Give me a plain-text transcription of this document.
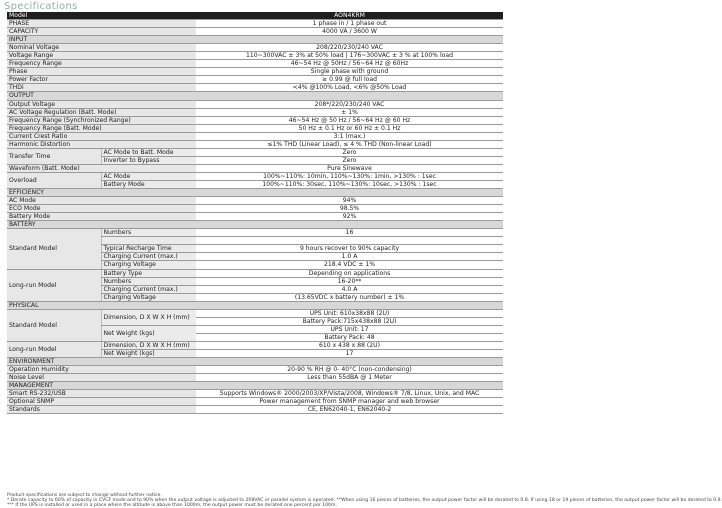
Specifications
Model		AON4KRM
PHASE		1 phase in / 1 phase out
CAPACITY		4000 VA / 3600 W
INPUT		
Nominal Voltage		208/220/230/240 VAC
Voltage Range		110~300VAC ± 3% at 50% load | 176~300VAC ± 3 % at 100% load
Frequency Range		46~54 Hz @ 50Hz / 56~64 Hz @ 60Hz
Phase		Single phase with ground
Power Factor		≥ 0.99 @ full load
THDi		<4% @100% Load, <6% @50% Load
OUTPUT		
Output Voltage		208*/220/230/240 VAC
AC Voltage Regulation (Batt. Mode)		± 1%
Frequency Range (Synchronized Range)		46~54 Hz @ 50 Hz / 56~64 Hz @ 60 Hz
Frequency Range (Batt. Mode)		50 Hz ± 0.1 Hz or 60 Hz ± 0.1 Hz
Current Crest Ratio		3:1 (max.)
Harmonic Distortion		≤1% THD (Linear Load), ≤ 4 % THD (Non-linear Load)
Transfer Time	AC Mode to Batt. Mode	Zero
	Inverter to Bypass	Zero
Waveform (Batt. Mode)		Pure Sinewave
Overload	AC Mode	100%~110%: 10min, 110%~130%: 1min, >130% : 1sec
	Battery Mode	100%~110%: 30sec, 110%~130%: 10sec, >130% : 1sec
EFFICIENCY		
AC Mode		94%
ECO Mode		98.5%
Battery Mode		92%
BATTERY		
Standard Model	Numbers	16

	Typical Recharge Time	9 hours recover to 90% capacity
	Charging Current (max.)	1.0 A
	Charging Voltage	218.4 VDC ± 1%
Long-run Model	Battery Type	Depending on applications
	Numbers	16-20**
	Charging Current (max.)	4.0 A
	Charging Voltage	(13.65VDC x battery number) ± 1%
PHYSICAL		
Standard Model	Dimension, D X W X H (mm)	UPS Unit: 610x38x88 (2U)
		Battery Pack:715x438x88 (2U)
	Net Weight (kgs)	UPS Unit: 17
		Battery Pack: 48
Long-run Model	Dimension, D X W X H (mm)	610 x 438 x 88 (2U)
	Net Weight (kgs)	17
ENVIRONMENT		
Operation Humidity		20-90 % RH @ 0- 40°C (non-condensing)
Noise Level		Less than 55dBA @ 1 Meter
MANAGEMENT		
Smart RS-232/USB		Supports Windows® 2000/2003/XP/Vista/2008, Windows® 7/8, Linux, Unix, and MAC
Optional SNMP		Power management from SNMP manager and web browser
Standards		CE, EN62040-1, EN62040-2
Product specifications are subject to change without further notice.
* Derate capacity to 60% of capacity in CVCF mode and to 90% when the output voltage is adjusted to 208VAC or parallel system is operated. **When using 16 pieces of batteries, the output power factor will be derated to 0.8. If using 18 or 19 pieces of batteries, the output power factor will be derated to 0.9.
*** If the UPS is installed or used in a place where the altitude is above than 1000m, the output power must be derated one percent per 100m.
